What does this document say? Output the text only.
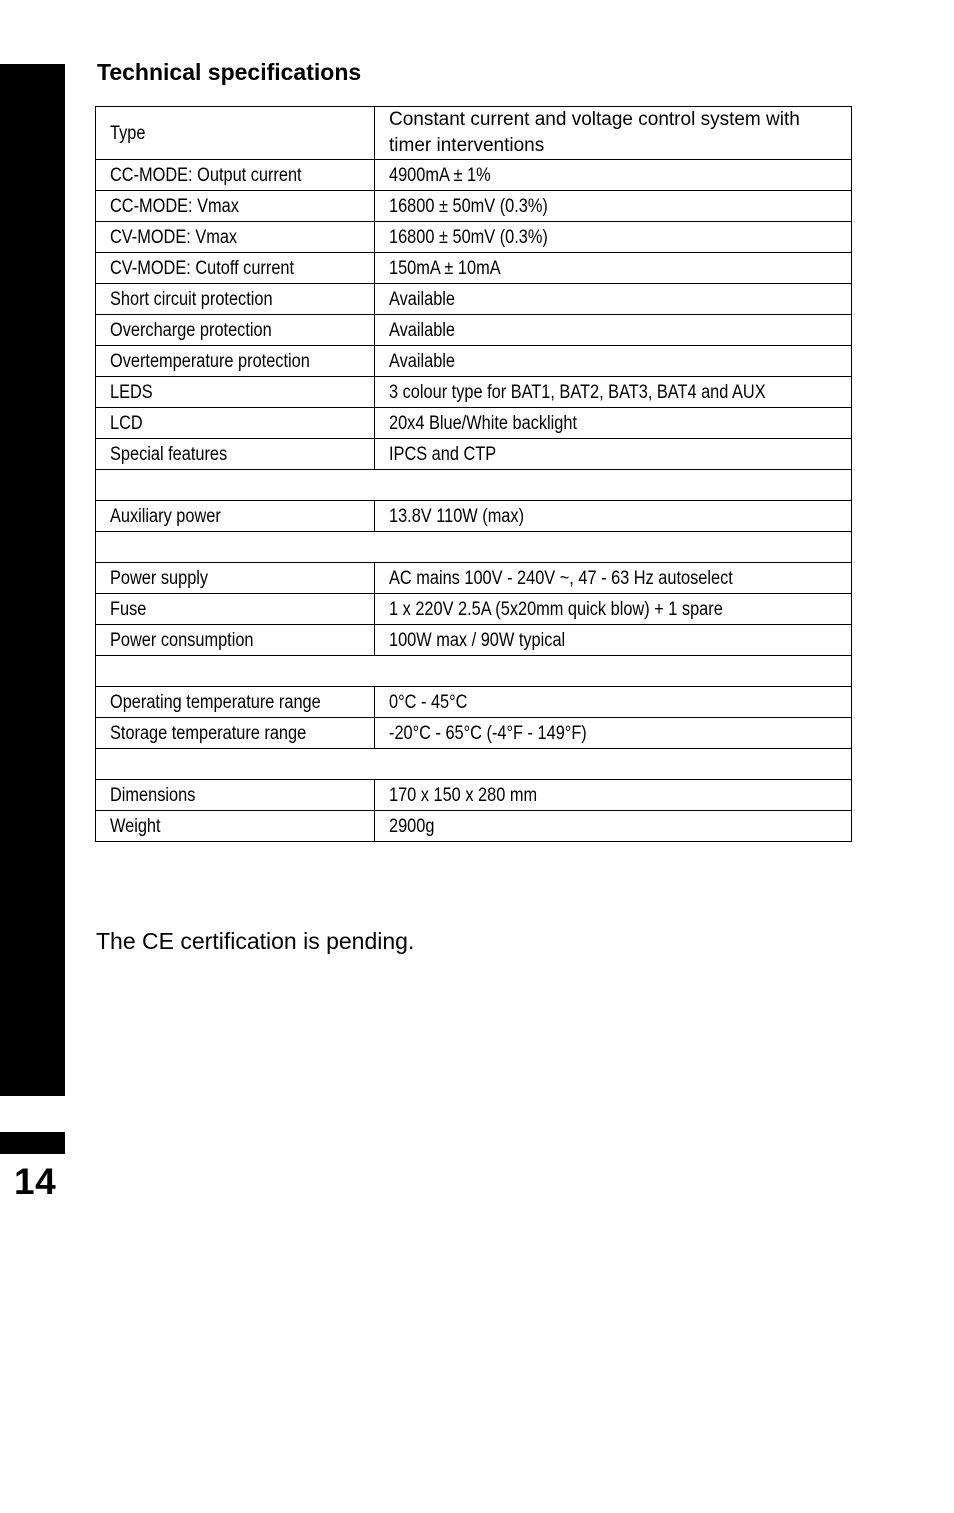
14
Technical specifications
Type	Constant current and voltage control system with timer interventions
CC-MODE: Output current	4900mA ± 1%
CC-MODE: Vmax	16800 ± 50mV (0.3%)
CV-MODE: Vmax	16800 ± 50mV (0.3%)
CV-MODE: Cutoff current	150mA ± 10mA
Short circuit protection	Available
Overcharge protection	Available
Overtemperature protection	Available
LEDS	3 colour type for BAT1, BAT2, BAT3, BAT4 and AUX
LCD	20x4 Blue/White backlight
Special features	IPCS and CTP

Auxiliary power	13.8V 110W (max)

Power supply	AC mains 100V - 240V ~, 47 - 63 Hz autoselect
Fuse	1 x 220V 2.5A (5x20mm quick blow) + 1 spare
Power consumption	100W max / 90W typical

Operating temperature range	0°C - 45°C
Storage temperature range	-20°C - 65°C (-4°F - 149°F)

Dimensions	170 x 150 x 280 mm
Weight	2900g

The CE certification is pending.
